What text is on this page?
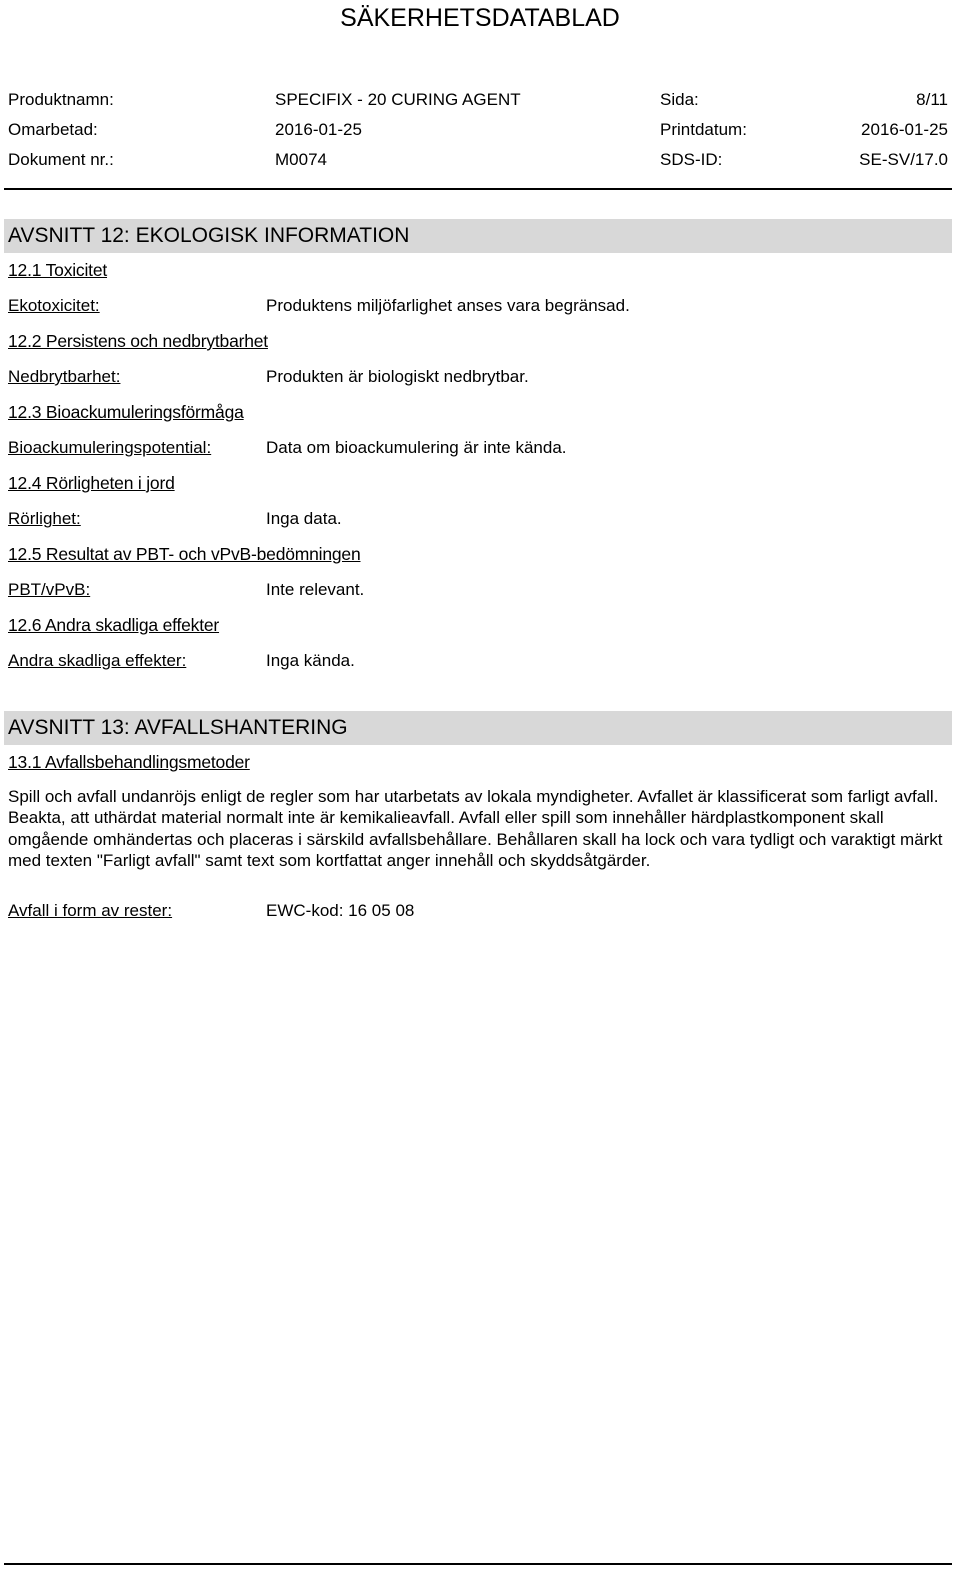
SÄKERHETSDATABLAD
Produktnamn:	SPECIFIX - 20 CURING AGENT	Sida:	8/11
Omarbetad:	2016-01-25	Printdatum:	2016-01-25
Dokument nr.:	M0074	SDS-ID:	SE-SV/17.0
AVSNITT 12: EKOLOGISK INFORMATION
12.1 Toxicitet
Ekotoxicitet:	Produktens miljöfarlighet anses vara begränsad.
12.2 Persistens och nedbrytbarhet
Nedbrytbarhet:	Produkten är biologiskt nedbrytbar.
12.3 Bioackumuleringsförmåga
Bioackumuleringspotential:	Data om bioackumulering är inte kända.
12.4 Rörligheten i jord
Rörlighet:	Inga data.
12.5 Resultat av PBT- och vPvB-bedömningen
PBT/vPvB:	Inte relevant.
12.6 Andra skadliga effekter
Andra skadliga effekter:	Inga kända.
AVSNITT 13: AVFALLSHANTERING
13.1 Avfallsbehandlingsmetoder
Spill och avfall undanröjs enligt de regler som har utarbetats av lokala myndigheter. Avfallet är klassificerat som farligt avfall. Beakta, att uthärdat material normalt inte är kemikalieavfall. Avfall eller spill som innehåller härdplastkomponent skall omgående omhändertas och placeras i särskild avfallsbehållare. Behållaren skall ha lock och vara tydligt och varaktigt märkt med texten "Farligt avfall" samt text som kortfattat anger innehåll och skyddsåtgärder.
Avfall i form av rester:	EWC-kod: 16 05 08
